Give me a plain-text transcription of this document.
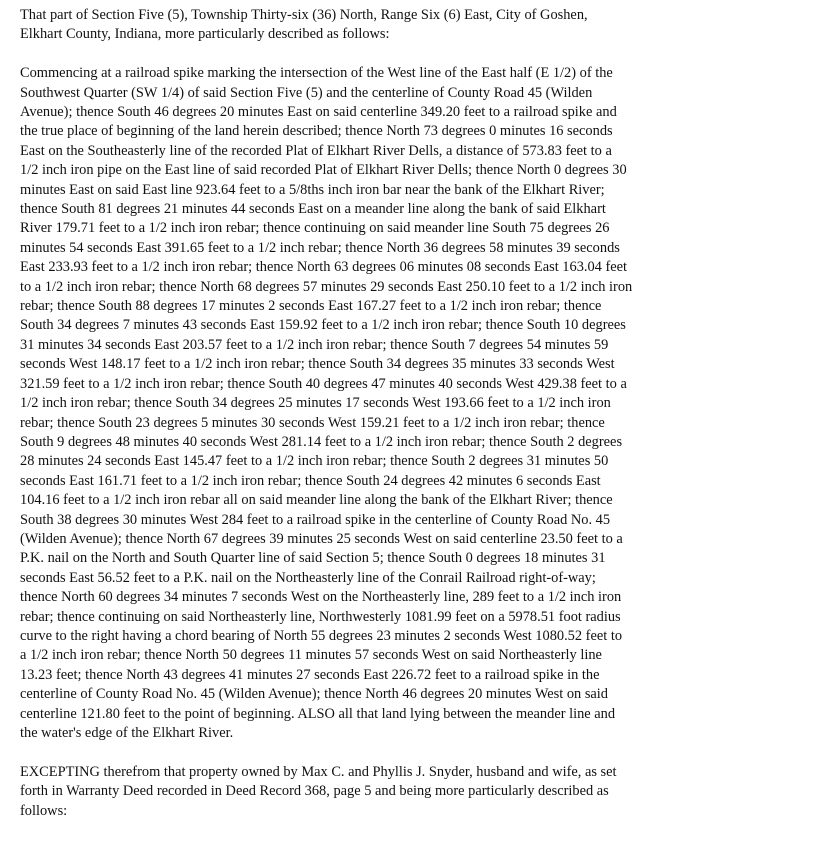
That part of Section Five (5), Township Thirty-six (36) North, Range Six (6) East, City of Goshen,
Elkhart County, Indiana, more particularly described as follows:

Commencing at a railroad spike marking the intersection of the West line of the East half (E 1/2) of the
Southwest Quarter (SW 1/4) of said Section Five (5) and the centerline of County Road 45 (Wilden
Avenue); thence South 46 degrees 20 minutes East on said centerline 349.20 feet to a railroad spike and
the true place of beginning of the land herein described; thence North 73 degrees 0 minutes 16 seconds
East on the Southeasterly line of the recorded Plat of Elkhart River Dells, a distance of 573.83 feet to a
1/2 inch iron pipe on the East line of said recorded Plat of Elkhart River Dells; thence North 0 degrees 30
minutes East on said East line 923.64 feet to a 5/8ths inch iron bar near the bank of the Elkhart River;
thence South 81 degrees 21 minutes 44 seconds East on a meander line along the bank of said Elkhart
River 179.71 feet to a 1/2 inch iron rebar; thence continuing on said meander line South 75 degrees 26
minutes 54 seconds East 391.65 feet to a 1/2 inch rebar; thence North 36 degrees 58 minutes 39 seconds
East 233.93 feet to a 1/2 inch iron rebar; thence North 63 degrees 06 minutes 08 seconds East 163.04 feet
to a 1/2 inch iron rebar; thence North 68 degrees 57 minutes 29 seconds East 250.10 feet to a 1/2 inch iron
rebar; thence South 88 degrees 17 minutes 2 seconds East 167.27 feet to a 1/2 inch iron rebar; thence
South 34 degrees 7 minutes 43 seconds East 159.92 feet to a 1/2 inch iron rebar; thence South 10 degrees
31 minutes 34 seconds East 203.57 feet to a 1/2 inch iron rebar; thence South 7 degrees 54 minutes 59
seconds West 148.17 feet to a 1/2 inch iron rebar; thence South 34 degrees 35 minutes 33 seconds West
321.59 feet to a 1/2 inch iron rebar; thence South 40 degrees 47 minutes 40 seconds West 429.38 feet to a
1/2 inch iron rebar; thence South 34 degrees 25 minutes 17 seconds West 193.66 feet to a 1/2 inch iron
rebar; thence South 23 degrees 5 minutes 30 seconds West 159.21 feet to a 1/2 inch iron rebar; thence
South 9 degrees 48 minutes 40 seconds West 281.14 feet to a 1/2 inch iron rebar; thence South 2 degrees
28 minutes 24 seconds East 145.47 feet to a 1/2 inch iron rebar; thence South 2 degrees 31 minutes 50
seconds East 161.71 feet to a 1/2 inch iron rebar; thence South 24 degrees 42 minutes 6 seconds East
104.16 feet to a 1/2 inch iron rebar all on said meander line along the bank of the Elkhart River; thence
South 38 degrees 30 minutes West 284 feet to a railroad spike in the centerline of County Road No. 45
(Wilden Avenue); thence North 67 degrees 39 minutes 25 seconds West on said centerline 23.50 feet to a
P.K. nail on the North and South Quarter line of said Section 5; thence South 0 degrees 18 minutes 31
seconds East 56.52 feet to a P.K. nail on the Northeasterly line of the Conrail Railroad right-of-way;
thence North 60 degrees 34 minutes 7 seconds West on the Northeasterly line, 289 feet to a 1/2 inch iron
rebar; thence continuing on said Northeasterly line, Northwesterly 1081.99 feet on a 5978.51 foot radius
curve to the right having a chord bearing of North 55 degrees 23 minutes 2 seconds West 1080.52 feet to
a 1/2 inch iron rebar; thence North 50 degrees 11 minutes 57 seconds West on said Northeasterly line
13.23 feet; thence North 43 degrees 41 minutes 27 seconds East 226.72 feet to a railroad spike in the
centerline of County Road No. 45 (Wilden Avenue); thence North 46 degrees 20 minutes West on said
centerline 121.80 feet to the point of beginning. ALSO all that land lying between the meander line and
the water's edge of the Elkhart River.

EXCEPTING therefrom that property owned by Max C. and Phyllis J. Snyder, husband and wife, as set
forth in Warranty Deed recorded in Deed Record 368, page 5 and being more particularly described as
follows:
